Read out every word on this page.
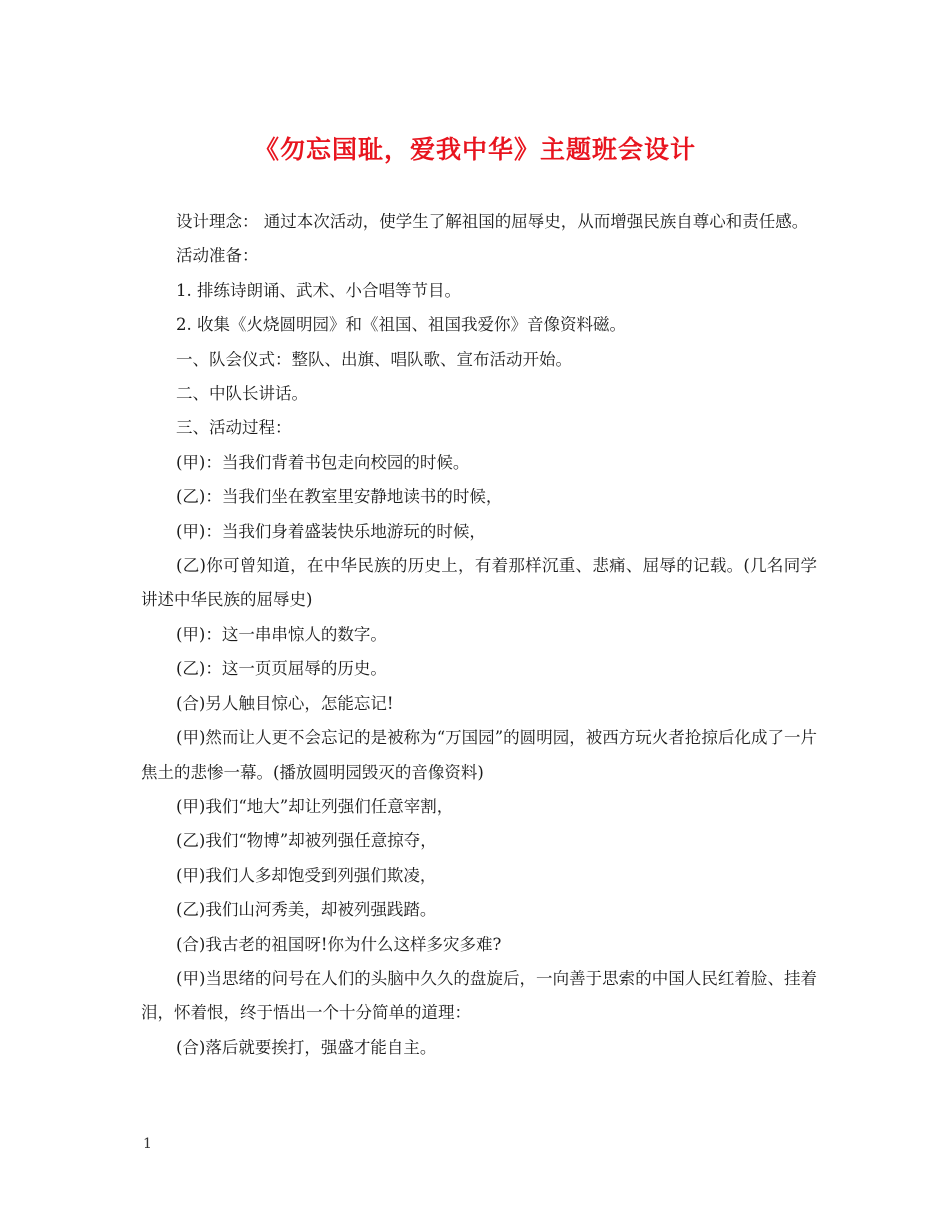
《勿忘国耻，爱我中华》主题班会设计

设计理念： 通过本次活动，使学生了解祖国的屈辱史，从而增强民族自尊心和责任感。

活动准备：

1. 排练诗朗诵、武术、小合唱等节目。

2. 收集《火烧圆明园》和《祖国、祖国我爱你》音像资料磁。

一、队会仪式：整队、出旗、唱队歌、宣布活动开始。

二、中队长讲话。

三、活动过程：

(甲)：当我们背着书包走向校园的时候。

(乙)：当我们坐在教室里安静地读书的时候，

(甲)：当我们身着盛装快乐地游玩的时候，

(乙)你可曾知道，在中华民族的历史上，有着那样沉重、悲痛、屈辱的记载。(几名同学讲述中华民族的屈辱史)

(甲)：这一串串惊人的数字。

(乙)：这一页页屈辱的历史。

(合)另人触目惊心，怎能忘记!

(甲)然而让人更不会忘记的是被称为“万国园”的圆明园，被西方玩火者抢掠后化成了一片焦土的悲惨一幕。(播放圆明园毁灭的音像资料)

(甲)我们“地大”却让列强们任意宰割，

(乙)我们“物博”却被列强任意掠夺，

(甲)我们人多却饱受到列强们欺凌，

(乙)我们山河秀美，却被列强践踏。

(合)我古老的祖国呀!你为什么这样多灾多难?

(甲)当思绪的问号在人们的头脑中久久的盘旋后，一向善于思索的中国人民红着脸、挂着泪，怀着恨，终于悟出一个十分简单的道理：

(合)落后就要挨打，强盛才能自主。

1
